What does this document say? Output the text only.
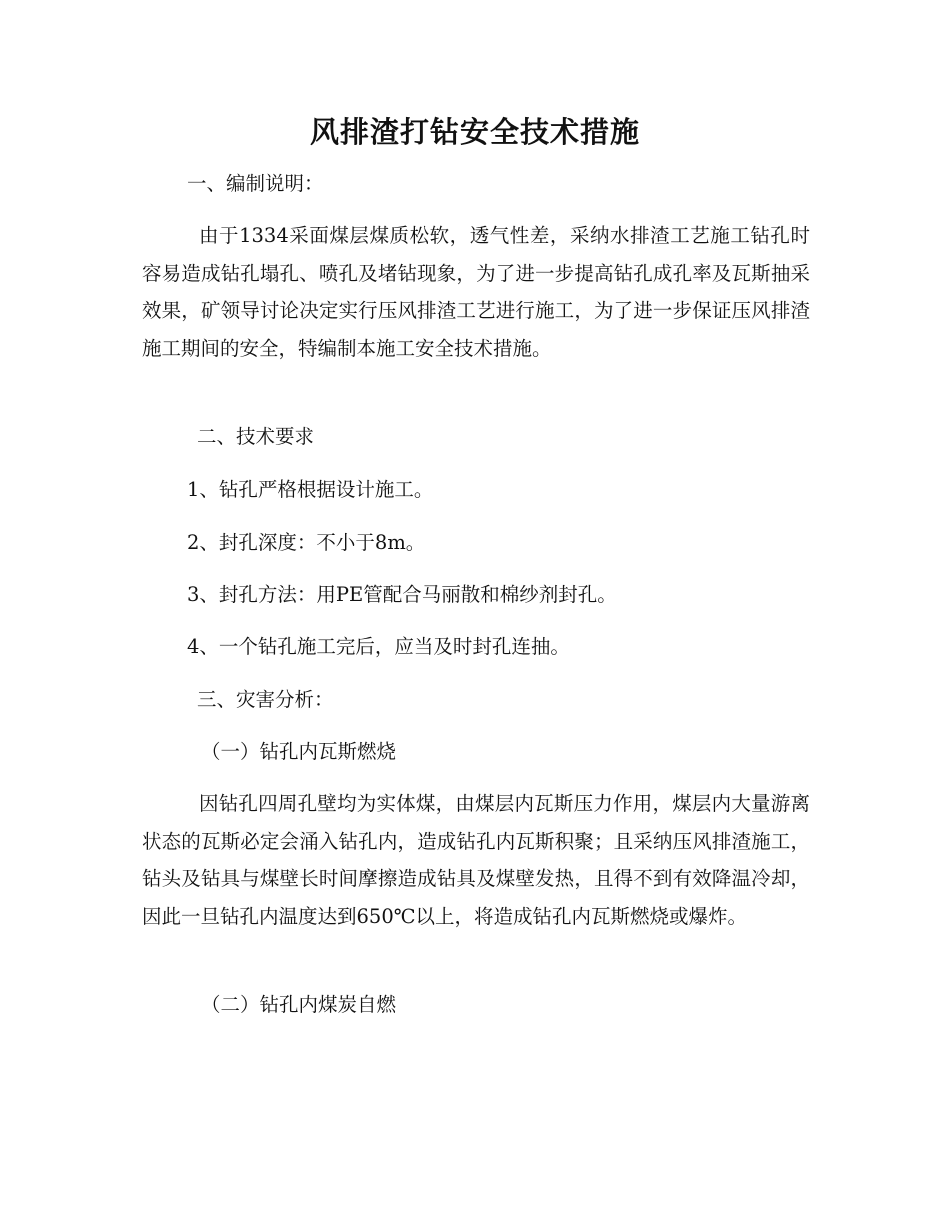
风排渣打钻安全技术措施

一、编制说明：

由于1334采面煤层煤质松软，透气性差，采纳水排渣工艺施工钻孔时容易造成钻孔塌孔、喷孔及堵钻现象，为了进一步提高钻孔成孔率及瓦斯抽采效果，矿领导讨论决定实行压风排渣工艺进行施工，为了进一步保证压风排渣施工期间的安全，特编制本施工安全技术措施。

二、技术要求

1、钻孔严格根据设计施工。

2、封孔深度：不小于8m。

3、封孔方法：用PE管配合马丽散和棉纱剂封孔。

4、一个钻孔施工完后，应当及时封孔连抽。

三、灾害分析：

（一）钻孔内瓦斯燃烧

因钻孔四周孔壁均为实体煤，由煤层内瓦斯压力作用，煤层内大量游离状态的瓦斯必定会涌入钻孔内，造成钻孔内瓦斯积聚；且采纳压风排渣施工，钻头及钻具与煤壁长时间摩擦造成钻具及煤壁发热，且得不到有效降温冷却，因此一旦钻孔内温度达到650℃以上，将造成钻孔内瓦斯燃烧或爆炸。

（二）钻孔内煤炭自燃
